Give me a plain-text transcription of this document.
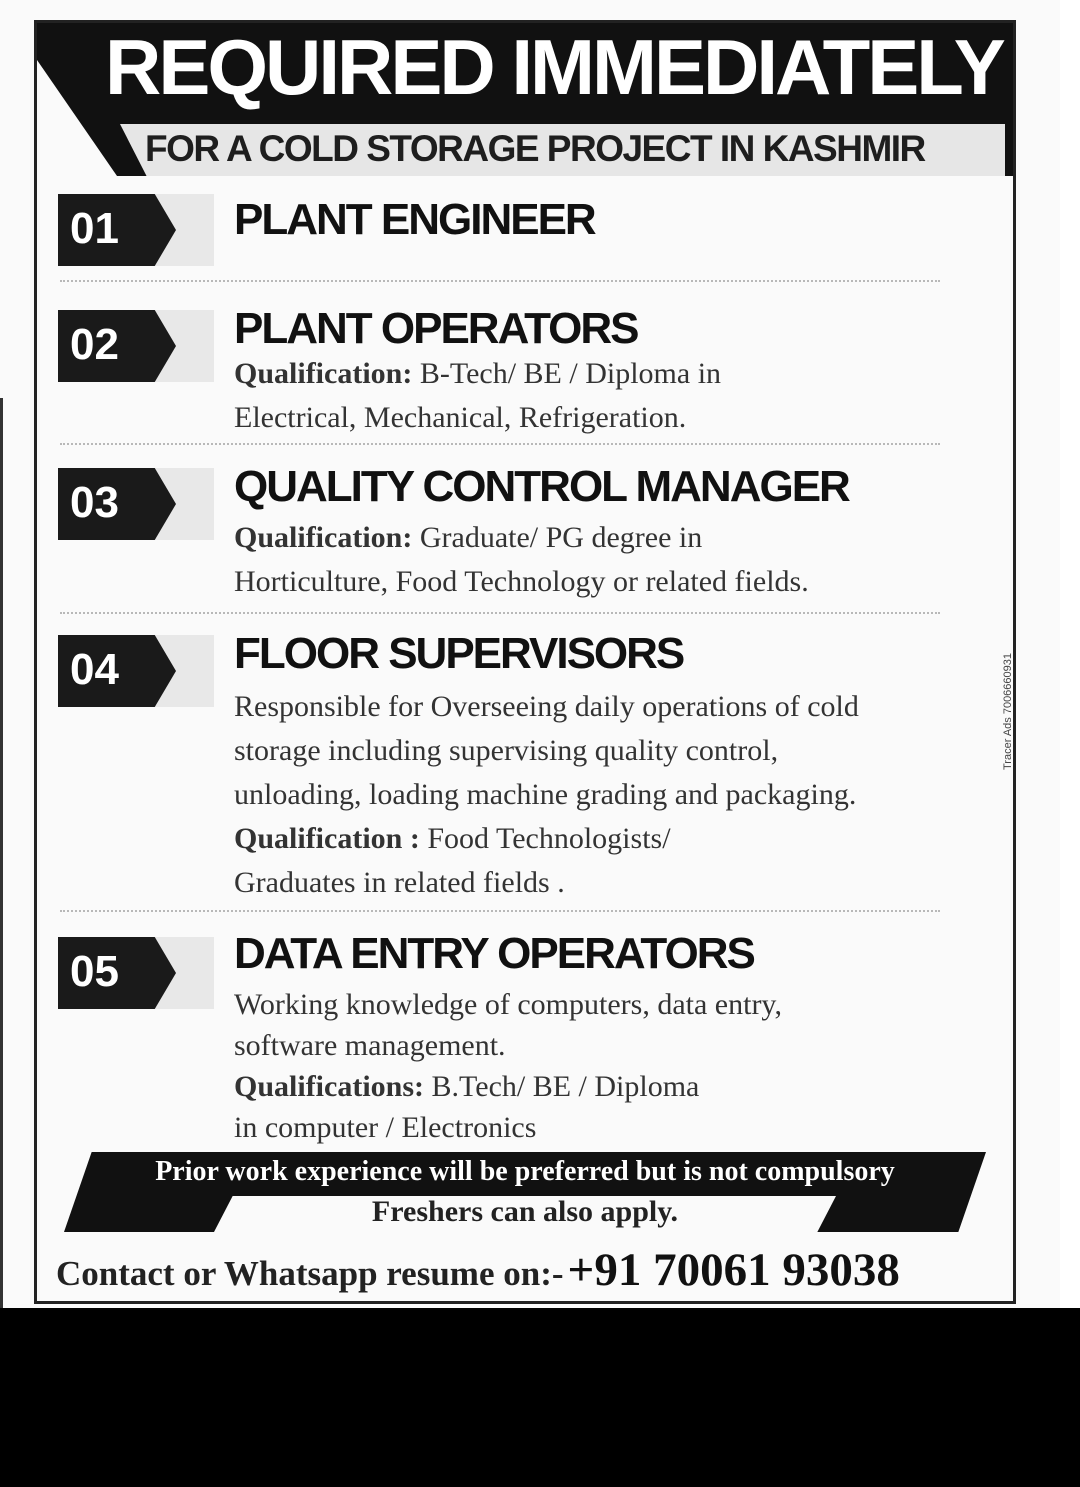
REQUIRED IMMEDIATELY
FOR A COLD STORAGE PROJECT IN KASHMIR
01	PLANT ENGINEER
02	PLANT OPERATORS

Qualification: B-Tech/ BE / Diploma in

Electrical, Mechanical, Refrigeration.

03	QUALITY CONTROL MANAGER

Qualification: Graduate/ PG degree in

Horticulture, Food Technology or related fields.

04	FLOOR SUPERVISORS

Responsible for Overseeing daily operations of cold

storage including supervising quality control,

unloading, loading machine grading and packaging.

Qualification : Food Technologists/

Graduates in related fields .

05	DATA ENTRY OPERATORS

Working knowledge of computers, data entry,

software management.

Qualifications: B.Tech/ BE / Diploma

in computer / Electronics

Tracer Ads 7006660931
Prior work experience will be preferred but is not compulsory
Freshers can also apply.
Contact or Whatsapp resume on:- +91 70061 93038
